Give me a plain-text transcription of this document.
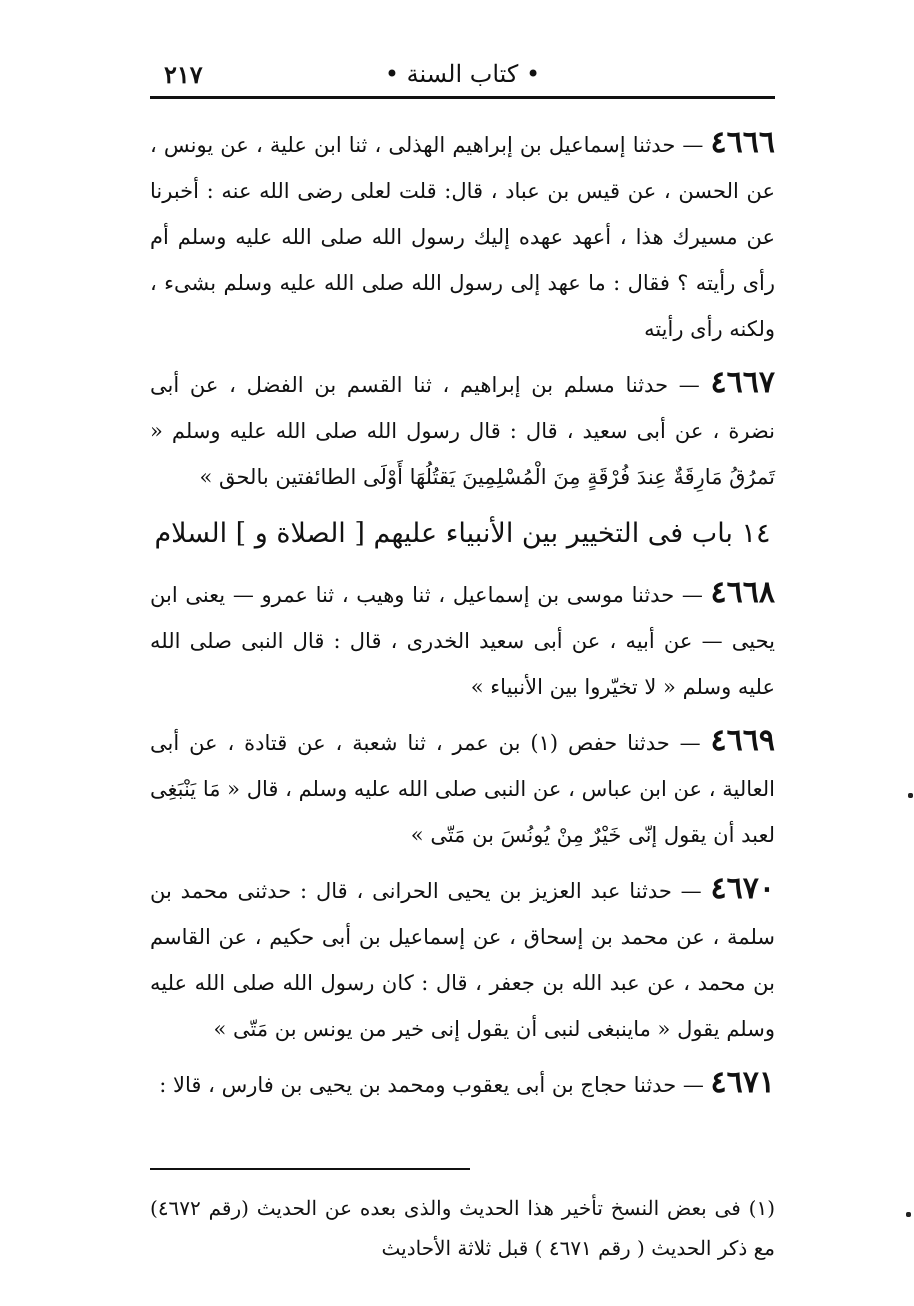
• كتاب السنة •
٢١٧

٤٦٦٦ — حدثنا إسماعيل بن إبراهيم الهذلى ، ثنا ابن علية ، عن يونس ، عن الحسن ، عن قيس بن عباد ، قال: قلت لعلى رضى الله عنه : أخبرنا عن مسيرك هذا ، أعهد عهده إليك رسول الله صلى الله عليه وسلم أم رأى رأيته ؟ فقال : ما عهد إلى رسول الله صلى الله عليه وسلم بشىء ، ولكنه رأى رأيته

٤٦٦٧ — حدثنا مسلم بن إبراهيم ، ثنا القسم بن الفضل ، عن أبى نضرة ، عن أبى سعيد ، قال : قال رسول الله صلى الله عليه وسلم « تَمرُقُ مَارِقَةٌ عِندَ فُرْقَةٍ مِنَ الْمُسْلِمِينَ يَقتُلُهَا أَوْلَى الطائفتين بالحق »

١٤ باب فى التخيير بين الأنبياء عليهم [ الصلاة و ] السلام

٤٦٦٨ — حدثنا موسى بن إسماعيل ، ثنا وهيب ، ثنا عمرو — يعنى ابن يحيى — عن أبيه ، عن أبى سعيد الخدرى ، قال : قال النبى صلى الله عليه وسلم « لا تخيّروا بين الأنبياء »

٤٦٦٩ — حدثنا حفص (١) بن عمر ، ثنا شعبة ، عن قتادة ، عن أبى العالية ، عن ابن عباس ، عن النبى صلى الله عليه وسلم ، قال « مَا يَنْبَغِى لعبد أن يقول إنّى خَيْرٌ مِنْ يُونُسَ بن مَتّى »

٤٦٧٠ — حدثنا عبد العزيز بن يحيى الحرانى ، قال : حدثنى محمد بن سلمة ، عن محمد بن إسحاق ، عن إسماعيل بن أبى حكيم ، عن القاسم بن محمد ، عن عبد الله بن جعفر ، قال : كان رسول الله صلى الله عليه وسلم يقول « ماينبغى لنبى أن يقول إنى خير من يونس بن مَتّى »

٤٦٧١ — حدثنا حجاج بن أبى يعقوب ومحمد بن يحيى بن فارس ، قالا :

(١) فى بعض النسخ تأخير هذا الحديث والذى بعده عن الحديث (رقم ٤٦٧٢) مع ذكر الحديث ( رقم ٤٦٧١ ) قبل ثلاثة الأحاديث
